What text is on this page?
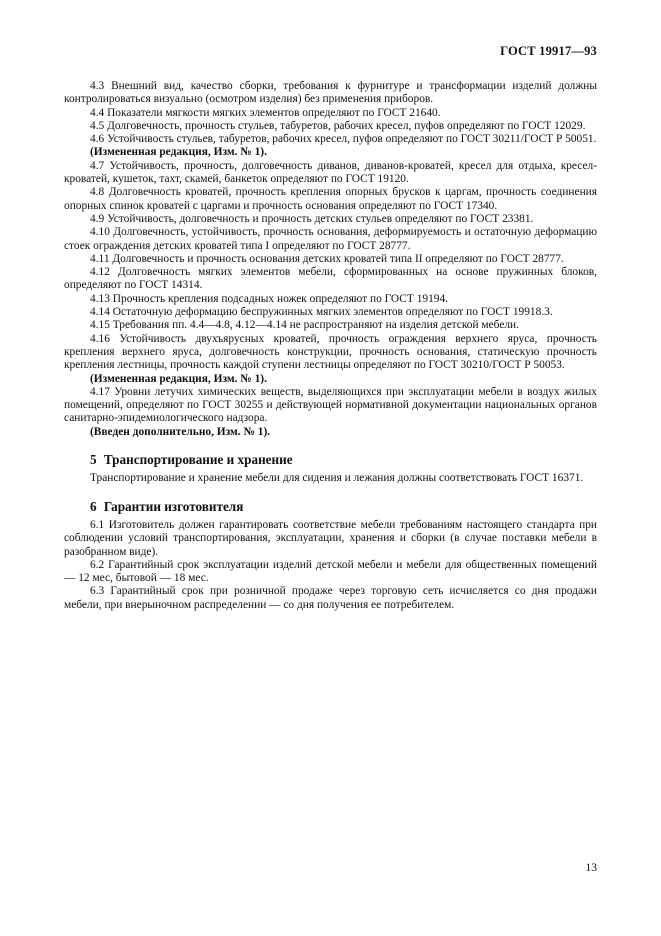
ГОСТ 19917—93

4.3 Внешний вид, качество сборки, требования к фурнитуре и трансформации изделий должны контролироваться визуально (осмотром изделия) без применения приборов.

4.4 Показатели мягкости мягких элементов определяют по ГОСТ 21640.

4.5 Долговечность, прочность стульев, табуретов, рабочих кресел, пуфов определяют по ГОСТ 12029.

4.6 Устойчивость стульев, табуретов, рабочих кресел, пуфов определяют по ГОСТ 30211/ГОСТ Р 50051.

(Измененная редакция, Изм. № 1).

4.7 Устойчивость, прочность, долговечность диванов, диванов-кроватей, кресел для отдыха, кресел-кроватей, кушеток, тахт, скамей, банкеток определяют по ГОСТ 19120.

4.8 Долговечность кроватей, прочность крепления опорных брусков к царгам, прочность соединения опорных спинок кроватей с царгами и прочность основания определяют по ГОСТ 17340.

4.9 Устойчивость, долговечность и прочность детских стульев определяют по ГОСТ 23381.

4.10 Долговечность, устойчивость, прочность основания, деформируемость и остаточную деформацию стоек ограждения детских кроватей типа I определяют по ГОСТ 28777.

4.11 Долговечность и прочность основания детских кроватей типа II определяют по ГОСТ 28777.

4.12 Долговечность мягких элементов мебели, сформированных на основе пружинных блоков, определяют по ГОСТ 14314.

4.13 Прочность крепления подсадных ножек определяют по ГОСТ 19194.

4.14 Остаточную деформацию беспружинных мягких элементов определяют по ГОСТ 19918.3.

4.15 Требования пп. 4.4—4.8, 4.12—4.14 не распространяют на изделия детской мебели.

4.16 Устойчивость двухъярусных кроватей, прочность ограждения верхнего яруса, прочность крепления верхнего яруса, долговечность конструкции, прочность основания, статическую прочность крепления лестницы, прочность каждой ступени лестницы определяют по ГОСТ 30210/ГОСТ Р 50053.

(Измененная редакция, Изм. № 1).

4.17 Уровни летучих химических веществ, выделяющихся при эксплуатации мебели в воздух жилых помещений, определяют по ГОСТ 30255 и действующей нормативной документации национальных органов санитарно-эпидемиологического надзора.

(Введен дополнительно, Изм. № 1).

5 Транспортирование и хранение

Транспортирование и хранение мебели для сидения и лежания должны соответствовать ГОСТ 16371.

6 Гарантии изготовителя

6.1 Изготовитель должен гарантировать соответствие мебели требованиям настоящего стандарта при соблюдении условий транспортирования, эксплуатации, хранения и сборки (в случае поставки мебели в разобранном виде).

6.2 Гарантийный срок эксплуатации изделий детской мебели и мебели для общественных помещений — 12 мес, бытовой — 18 мес.

6.3 Гарантийный срок при розничной продаже через торговую сеть исчисляется со дня продажи мебели, при внерыночном распределении — со дня получения ее потребителем.

13
